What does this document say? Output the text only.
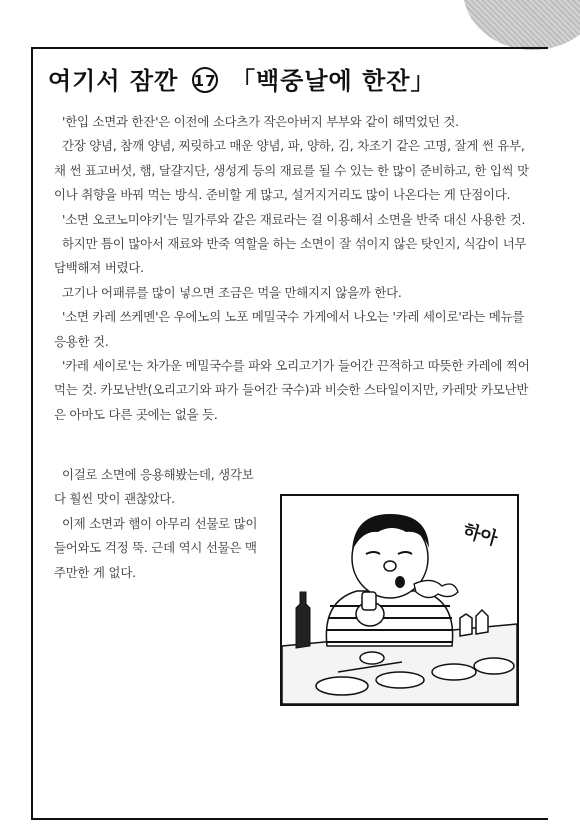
여기서 잠깐 17 「백중날에 한잔」

'한입 소면과 한잔'은 이전에 소다츠가 작은아버지 부부와 같이 해먹었던 것.

간장 양념, 참깨 양념, 찌릿하고 매운 양념, 파, 양하, 김, 차조기 같은 고명, 잘게 썬 유부, 채 썬 표고버섯, 햄, 달걀지단, 생성게 등의 재료를 될 수 있는 한 많이 준비하고, 한 입씩 맛이나 취향을 바꿔 먹는 방식. 준비할 게 많고, 설거지거리도 많이 나온다는 게 단점이다.

'소면 오코노미야키'는 밀가루와 같은 재료라는 걸 이용해서 소면을 반죽 대신 사용한 것.

하지만 틈이 많아서 재료와 반죽 역할을 하는 소면이 잘 섞이지 않은 탓인지, 식감이 너무 담백해져 버렸다.

고기나 어패류를 많이 넣으면 조금은 먹을 만해지지 않을까 한다.

'소면 카레 쓰케멘'은 우에노의 노포 메밀국수 가게에서 나오는 '카레 세이로'라는 메뉴를 응용한 것.

'카레 세이로'는 차가운 메밀국수를 파와 오리고기가 들어간 끈적하고 따뜻한 카레에 찍어 먹는 것. 카모난반(오리고기와 파가 들어간 국수)과 비슷한 스타일이지만, 카레맛 카모난반은 아마도 다른 곳에는 없을 듯.

이걸로 소면에 응용해봤는데, 생각보다 훨씬 맛이 괜찮았다.

이제 소면과 햄이 아무리 선물로 많이 들어와도 걱정 뚝. 근데 역시 선물은 맥주만한 게 없다.

하아
